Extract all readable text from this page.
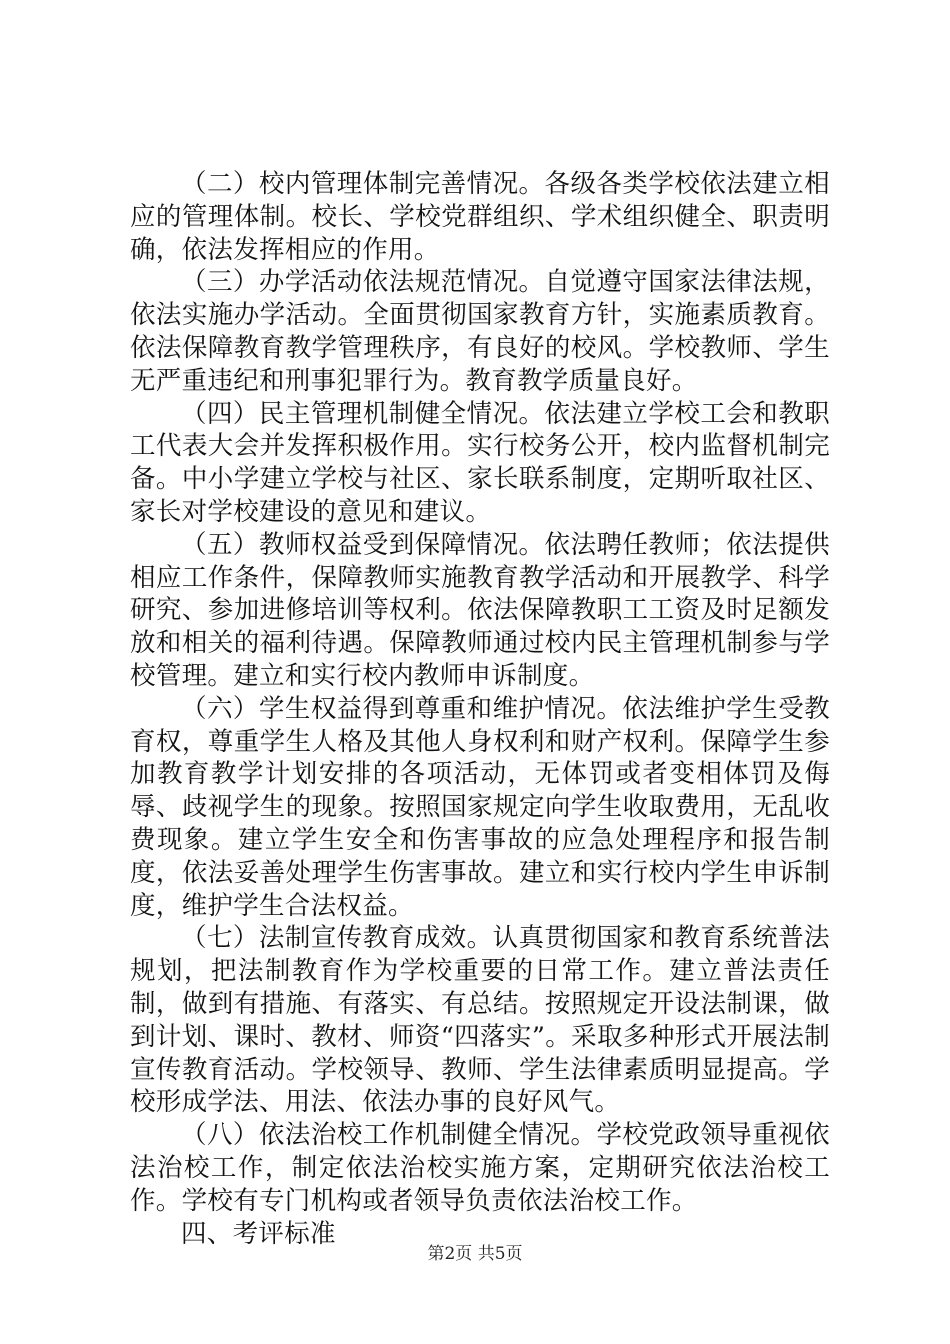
（二）校内管理体制完善情况。各级各类学校依法建立相应的管理体制。校长、学校党群组织、学术组织健全、职责明确，依法发挥相应的作用。

（三）办学活动依法规范情况。自觉遵守国家法律法规，依法实施办学活动。全面贯彻国家教育方针，实施素质教育。依法保障教育教学管理秩序，有良好的校风。学校教师、学生无严重违纪和刑事犯罪行为。教育教学质量良好。

（四）民主管理机制健全情况。依法建立学校工会和教职工代表大会并发挥积极作用。实行校务公开，校内监督机制完备。中小学建立学校与社区、家长联系制度，定期听取社区、家长对学校建设的意见和建议。

（五）教师权益受到保障情况。依法聘任教师；依法提供相应工作条件，保障教师实施教育教学活动和开展教学、科学研究、参加进修培训等权利。依法保障教职工工资及时足额发放和相关的福利待遇。保障教师通过校内民主管理机制参与学校管理。建立和实行校内教师申诉制度。

（六）学生权益得到尊重和维护情况。依法维护学生受教育权，尊重学生人格及其他人身权利和财产权利。保障学生参加教育教学计划安排的各项活动，无体罚或者变相体罚及侮辱、歧视学生的现象。按照国家规定向学生收取费用，无乱收费现象。建立学生安全和伤害事故的应急处理程序和报告制度，依法妥善处理学生伤害事故。建立和实行校内学生申诉制度，维护学生合法权益。

（七）法制宣传教育成效。认真贯彻国家和教育系统普法规划，把法制教育作为学校重要的日常工作。建立普法责任制，做到有措施、有落实、有总结。按照规定开设法制课，做到计划、课时、教材、师资“四落实”。采取多种形式开展法制宣传教育活动。学校领导、教师、学生法律素质明显提高。学校形成学法、用法、依法办事的良好风气。

（八）依法治校工作机制健全情况。学校党政领导重视依法治校工作，制定依法治校实施方案，定期研究依法治校工作。学校有专门机构或者领导负责依法治校工作。

四、考评标准

第2页 共5页
